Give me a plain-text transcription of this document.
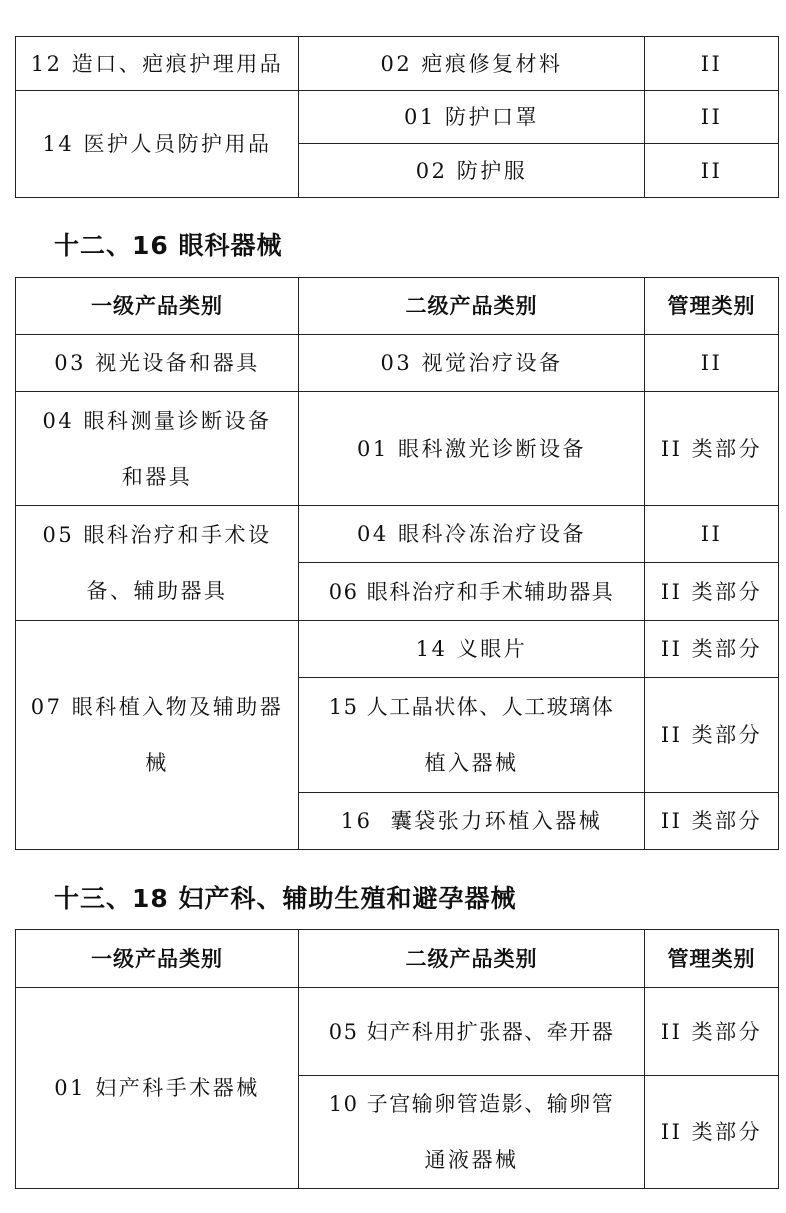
12 造口、疤痕护理用品	02 疤痕修复材料	II
14 医护人员防护用品	01 防护口罩	II
	02 防护服	II
十二、16 眼科器械
一级产品类别	二级产品类别	管理类别
03 视光设备和器具	03 视觉治疗设备	II

04 眼科测量诊断设备
和器具	01 眼科激光诊断设备	II 类部分

05 眼科治疗和手术设
备、辅助器具	04 眼科冷冻治疗设备	II
	06 眼科治疗和手术辅助器具	II 类部分

07 眼科植入物及辅助器
械	14 义眼片	II 类部分

	15 人工晶状体、人工玻璃体
植入器械	II 类部分
	16  囊袋张力环植入器械	II 类部分
十三、18 妇产科、辅助生殖和避孕器械
一级产品类别	二级产品类别	管理类别
01 妇产科手术器械	05 妇产科用扩张器、牵开器	II 类部分

	10 子宫输卵管造影、输卵管
通液器械	II 类部分
